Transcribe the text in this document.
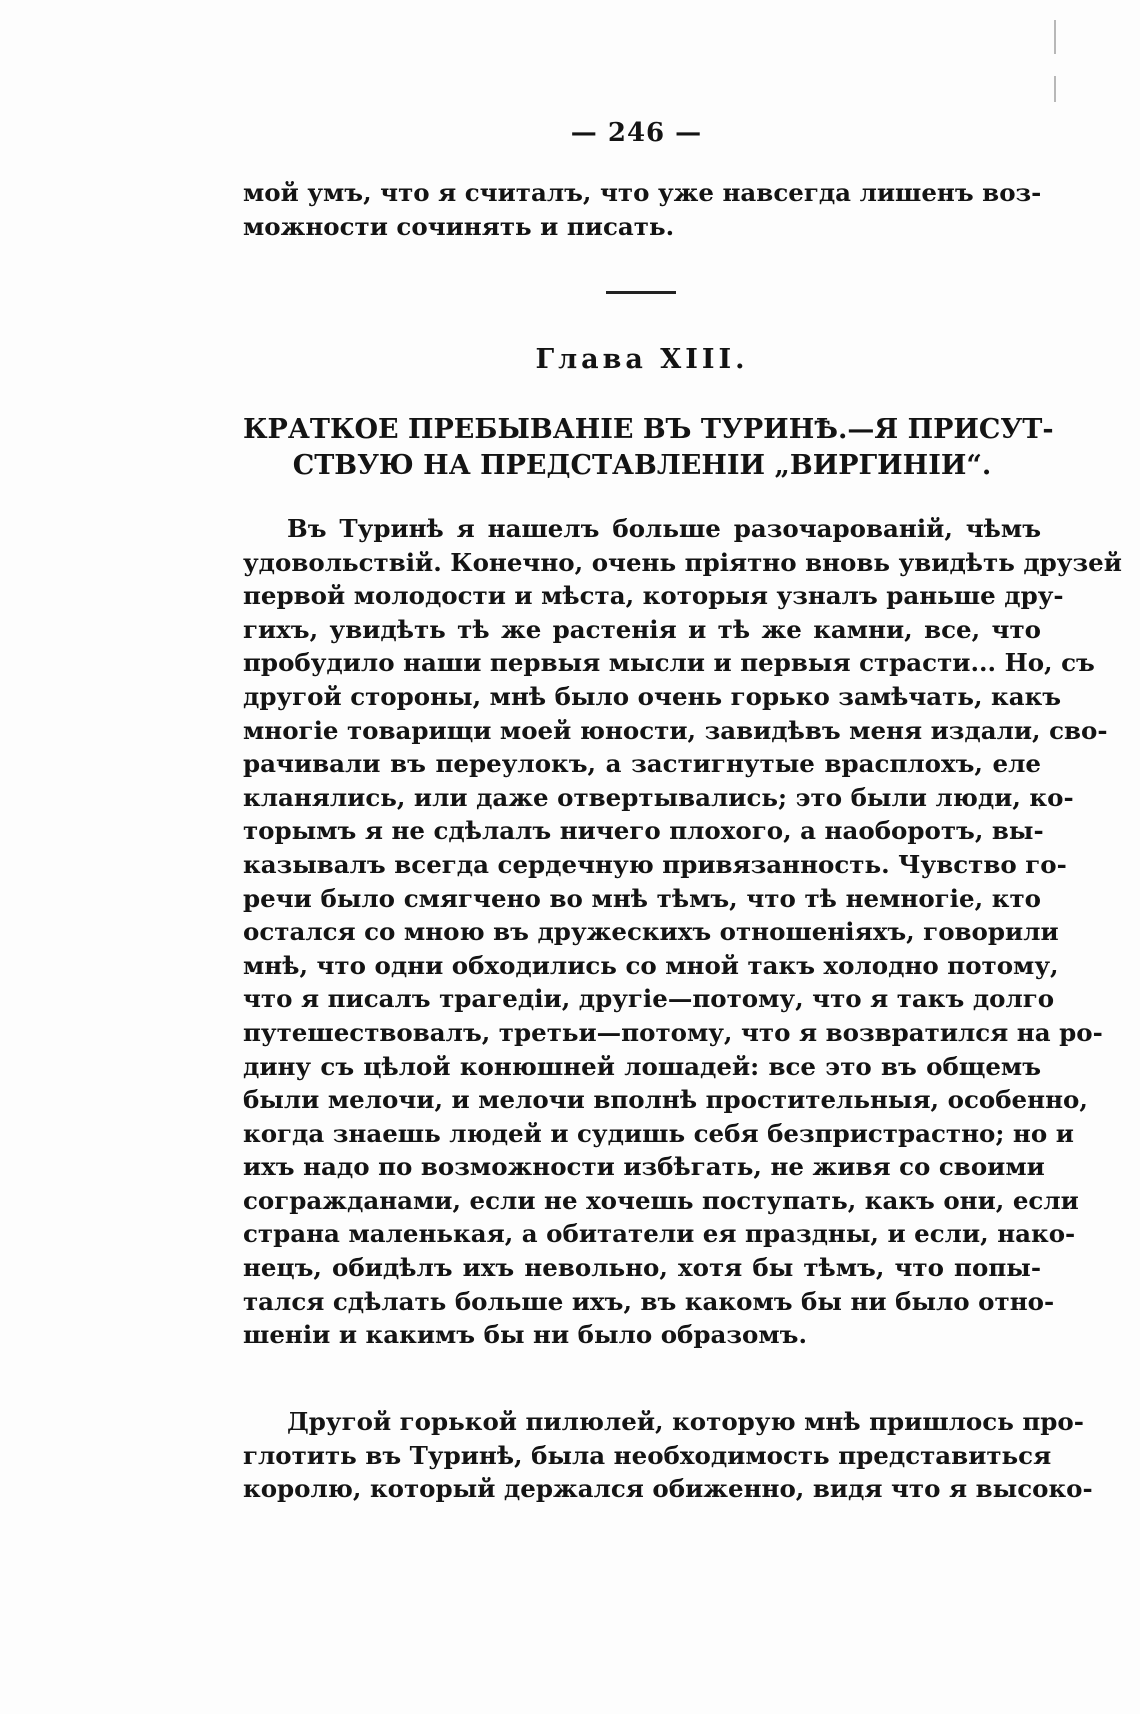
— 246 —
мой умъ, что я считалъ, что уже навсегда лишенъ воз-
можности сочинять и писать.
Глава XIII.
КРАТКОЕ ПРЕБЫВАНІЕ ВЪ ТУРИНѢ.—Я ПРИСУТ-
СТВУЮ НА ПРЕДСТАВЛЕНІИ „ВИРГИНІИ“.
Въ Туринѣ я нашелъ больше разочарованій, чѣмъ
удовольствій. Конечно, очень пріятно вновь увидѣть друзей
первой молодости и мѣста, которыя узналъ раньше дру-
гихъ, увидѣть тѣ же растенія и тѣ же камни, все, что
пробудило наши первыя мысли и первыя страсти... Но, съ
другой стороны, мнѣ было очень горько замѣчать, какъ
многіе товарищи моей юности, завидѣвъ меня издали, сво-
рачивали въ переулокъ, а застигнутые врасплохъ, еле
кланялись, или даже отвертывались; это были люди, ко-
торымъ я не сдѣлалъ ничего плохого, а наоборотъ, вы-
казывалъ всегда сердечную привязанность. Чувство го-
речи было смягчено во мнѣ тѣмъ, что тѣ немногіе, кто
остался со мною въ дружескихъ отношеніяхъ, говорили
мнѣ, что одни обходились со мной такъ холодно потому,
что я писалъ трагедіи, другіе—потому, что я такъ долго
путешествовалъ, третьи—потому, что я возвратился на ро-
дину съ цѣлой конюшней лошадей: все это въ общемъ
были мелочи, и мелочи вполнѣ простительныя, особенно,
когда знаешь людей и судишь себя безпристрастно; но и
ихъ надо по возможности избѣгать, не живя со своими
согражданами, если не хочешь поступать, какъ они, если
страна маленькая, а обитатели ея праздны, и если, нако-
нецъ, обидѣлъ ихъ невольно, хотя бы тѣмъ, что попы-
тался сдѣлать больше ихъ, въ какомъ бы ни было отно-
шеніи и какимъ бы ни было образомъ.
Другой горькой пилюлей, которую мнѣ пришлось про-
глотить въ Туринѣ, была необходимость представиться
королю, который держался обиженно, видя что я высоко-
